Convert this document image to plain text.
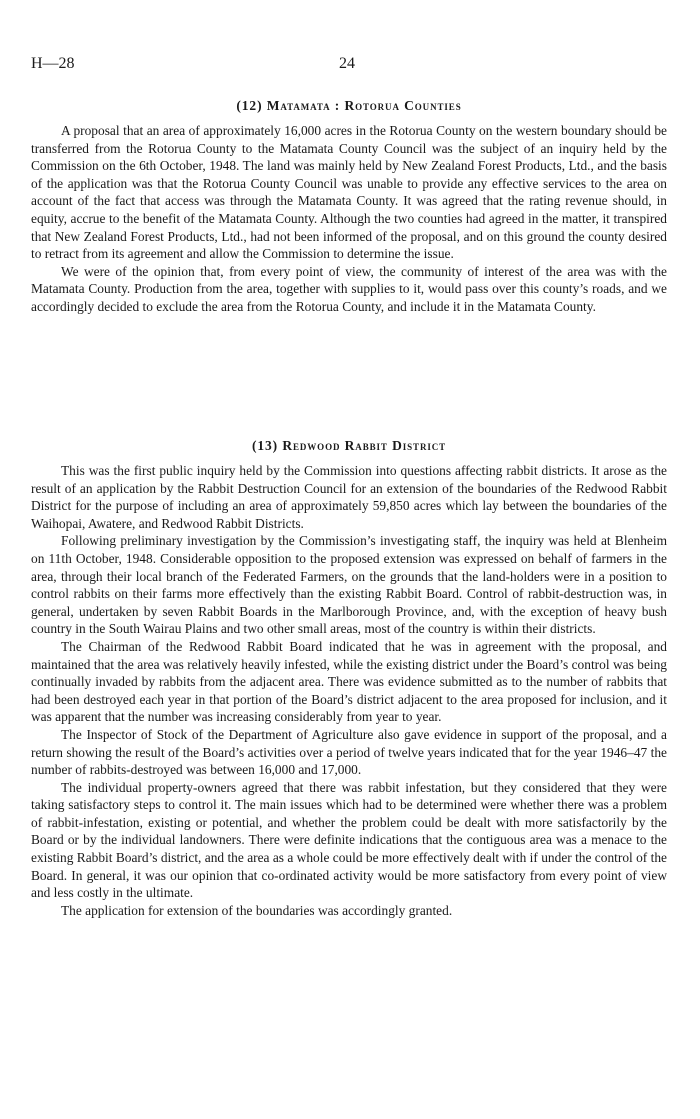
H—28	24
(12) Matamata : Rotorua Counties

A proposal that an area of approximately 16,000 acres in the Rotorua County on the western boundary should be transferred from the Rotorua County to the Matamata County Council was the subject of an inquiry held by the Commission on the 6th October, 1948. The land was mainly held by New Zealand Forest Products, Ltd., and the basis of the application was that the Rotorua County Council was unable to provide any effective services to the area on account of the fact that access was through the Matamata County. It was agreed that the rating revenue should, in equity, accrue to the benefit of the Matamata County. Although the two counties had agreed in the matter, it transpired that New Zealand Forest Products, Ltd., had not been informed of the proposal, and on this ground the county desired to retract from its agreement and allow the Commission to determine the issue.

We were of the opinion that, from every point of view, the community of interest of the area was with the Matamata County. Production from the area, together with supplies to it, would pass over this county’s roads, and we accordingly decided to exclude the area from the Rotorua County, and include it in the Matamata County.

(13) Redwood Rabbit District

This was the first public inquiry held by the Commission into questions affecting rabbit districts. It arose as the result of an application by the Rabbit Destruction Council for an extension of the boundaries of the Redwood Rabbit District for the purpose of including an area of approximately 59,850 acres which lay between the boundaries of the Waihopai, Awatere, and Redwood Rabbit Districts.

Following preliminary investigation by the Commission’s investigating staff, the inquiry was held at Blenheim on 11th October, 1948. Considerable opposition to the proposed extension was expressed on behalf of farmers in the area, through their local branch of the Federated Farmers, on the grounds that the land-holders were in a position to control rabbits on their farms more effectively than the existing Rabbit Board. Control of rabbit-destruction was, in general, undertaken by seven Rabbit Boards in the Marlborough Province, and, with the exception of heavy bush country in the South Wairau Plains and two other small areas, most of the country is within their districts.

The Chairman of the Redwood Rabbit Board indicated that he was in agreement with the proposal, and maintained that the area was relatively heavily infested, while the existing district under the Board’s control was being continually invaded by rabbits from the adjacent area. There was evidence submitted as to the number of rabbits that had been destroyed each year in that portion of the Board’s district adjacent to the area proposed for inclusion, and it was apparent that the number was increasing considerably from year to year.

The Inspector of Stock of the Department of Agriculture also gave evidence in support of the proposal, and a return showing the result of the Board’s activities over a period of twelve years indicated that for the year 1946–47 the number of rabbits-destroyed was between 16,000 and 17,000.

The individual property-owners agreed that there was rabbit infestation, but they considered that they were taking satisfactory steps to control it. The main issues which had to be determined were whether there was a problem of rabbit-infestation, existing or potential, and whether the problem could be dealt with more satisfactorily by the Board or by the individual landowners. There were definite indications that the contiguous area was a menace to the existing Rabbit Board’s district, and the area as a whole could be more effectively dealt with if under the control of the Board. In general, it was our opinion that co-ordinated activity would be more satisfactory from every point of view and less costly in the ultimate.

The application for extension of the boundaries was accordingly granted.
